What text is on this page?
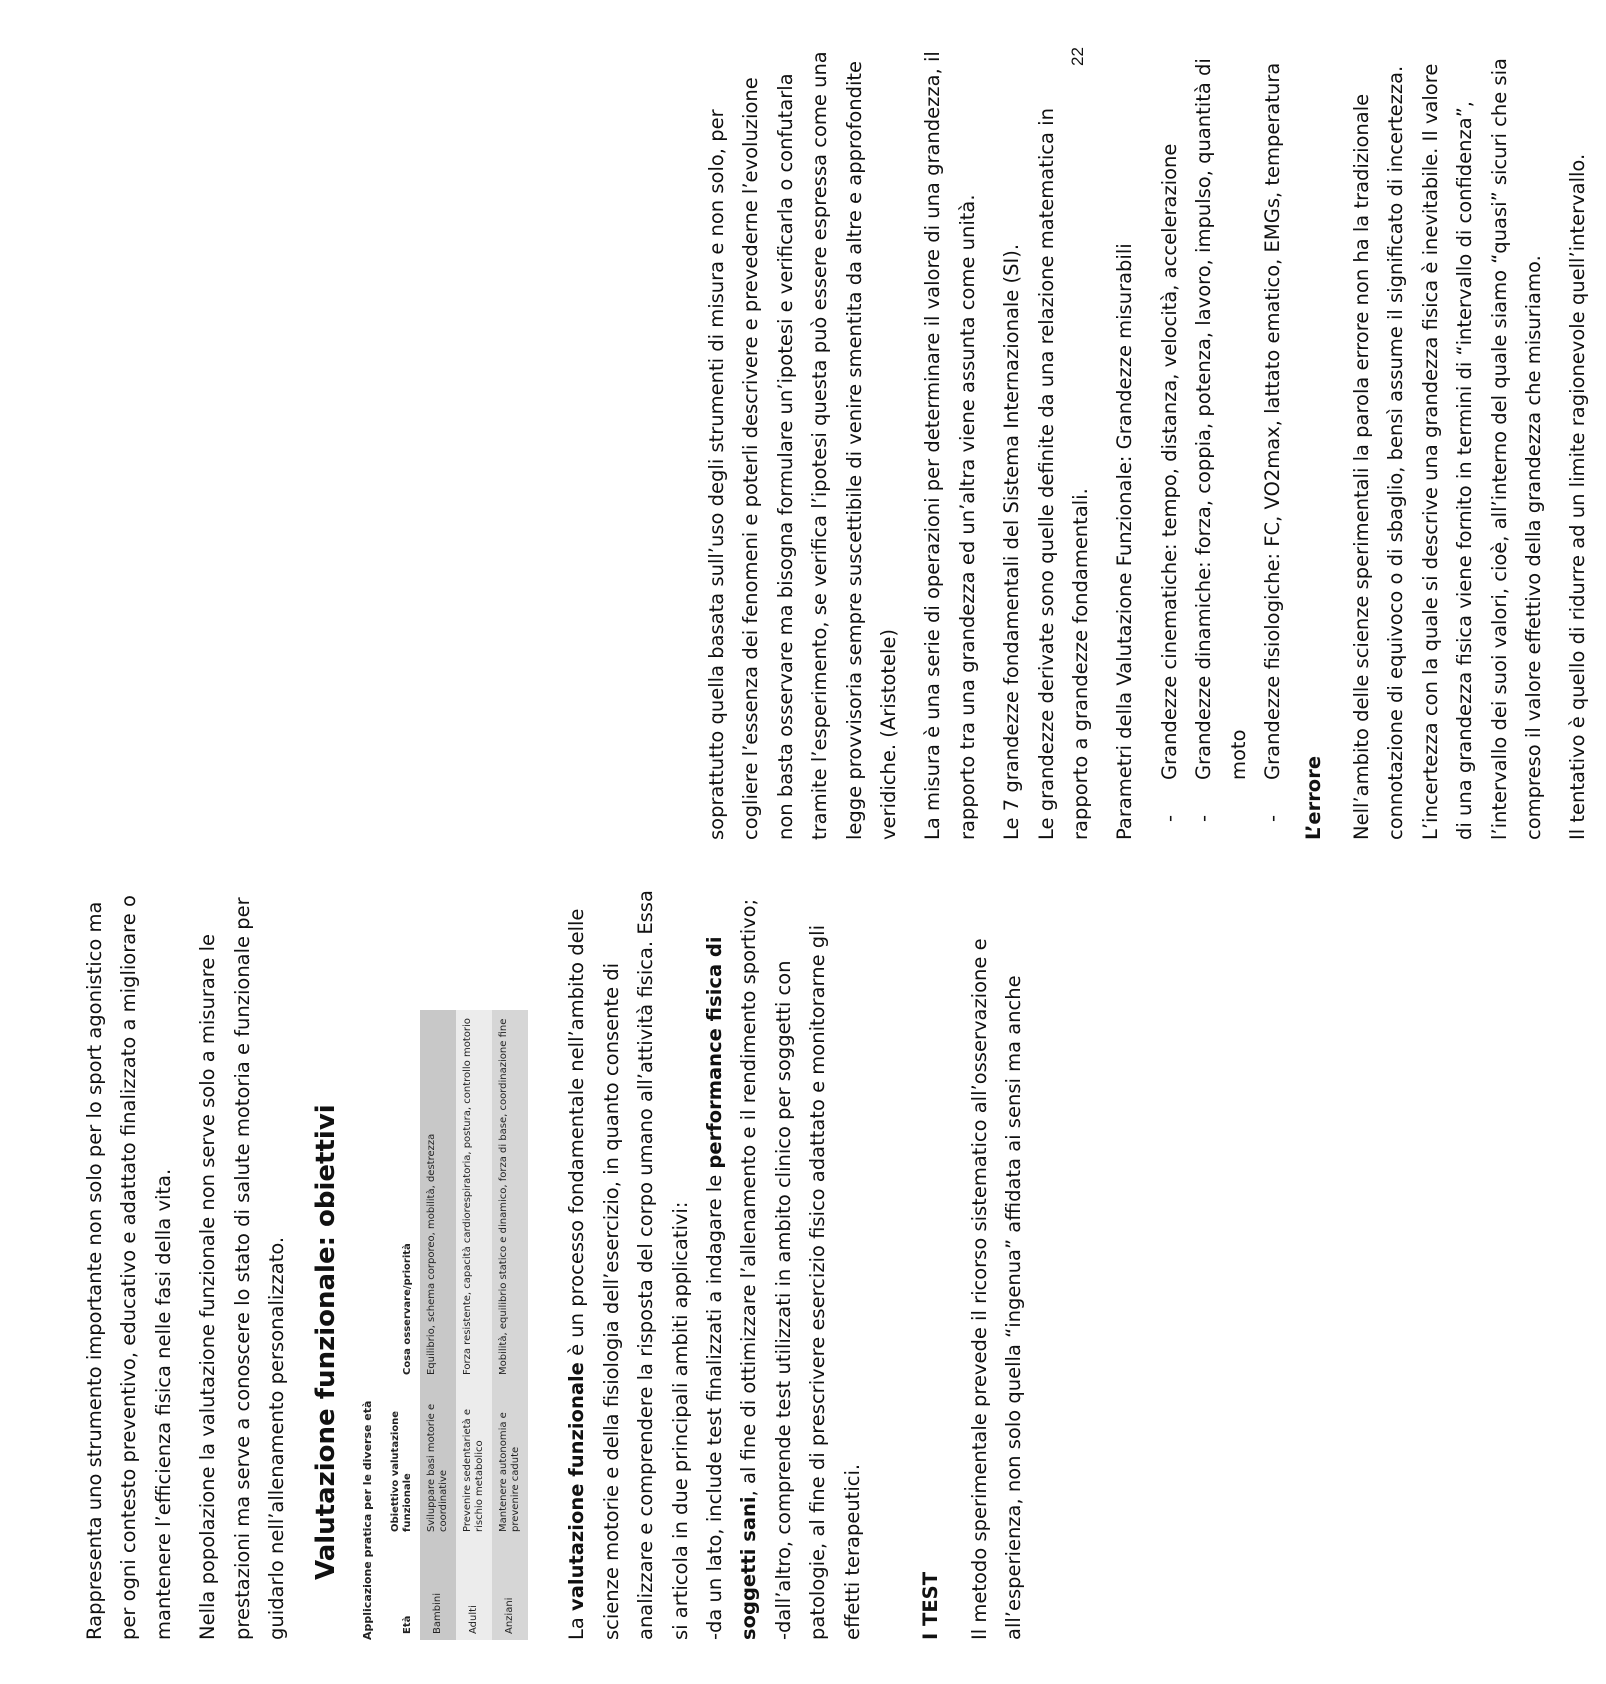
22

Rappresenta uno strumento importante non solo per lo sport agonistico ma per ogni contesto preventivo, educativo e adattato finalizzato a migliorare o mantenere l’efficienza fisica nelle fasi della vita.	Nella popolazione la valutazione funzionale non serve solo a misurare le prestazioni ma serve a conoscere lo stato di salute motoria e funzionale per guidarlo nell’allenamento personalizzato. Valutazione funzionale: obiettivi	Applicazione pratica per le diverse età	Età	Obiettivo valutazione funzionale	Cosa osservare/priorità
Bambini	Sviluppare basi motorie e coordinative	Equilibrio, schema corporeo, mobilità, destrezza
Adulti	Prevenire sedentarietà e rischio metabolico	Forza resistente, capacità cardiorespiratoria, postura, controllo motorio
Anziani	Mantenere autonomia e prevenire cadute	Mobilità, equilibrio statico e dinamico, forza di base, coordinazione fine

La valutazione funzionale è un processo fondamentale nell’ambito delle scienze motorie e della fisiologia dell’esercizio, in quanto consente di analizzare e comprendere la risposta del corpo umano all’attività fisica. Essa si articola in due principali ambiti applicativi: -da un lato, include test finalizzati a indagare le performance fisica di soggetti sani, al fine di ottimizzare l’allenamento e il rendimento sportivo; -dall’altro, comprende test utilizzati in ambito clinico per soggetti con patologie, al fine di prescrivere esercizio fisico adattato e monitorarne gli effetti terapeutici.	I TEST	Il metodo sperimentale prevede il ricorso sistematico all’osservazione e all’esperienza, non solo quella “ingenua” affidata ai sensi ma anche

soprattutto quella basata sull’uso degli strumenti di misura e non solo, per cogliere l’essenza dei fenomeni e poterli descrivere e prevederne l’evoluzione non basta osservare ma bisogna formulare un’ipotesi e verificarla o confutarla tramite l’esperimento, se verifica l’ipotesi questa può essere espressa come una legge provvisoria sempre suscettibile di venire smentita da altre e approfondite veridiche. (Aristotele)	La misura è una serie di operazioni per determinare il valore di una grandezza, il rapporto tra una grandezza ed un’altra viene assunta come unità.	Le 7 grandezze fondamentali del Sistema Internazionale (SI). Le grandezze derivate sono quelle definite da una relazione matematica in rapporto a grandezze fondamentali.	Parametri della Valutazione Funzionale: Grandezze misurabili	- Grandezze cinematiche: tempo, distanza, velocità, accelerazione - Grandezze dinamiche: forza, coppia, potenza, lavoro, impulso, quantità di moto - Grandezze fisiologiche: FC, VO2max, lattato ematico, EMGs, temperatura
L’errore	Nell’ambito delle scienze sperimentali la parola errore non ha la tradizionale connotazione di equivoco o di sbaglio, bensì assume il significato di incertezza. L’incertezza con la quale si descrive una grandezza fisica è inevitabile. Il valore di una grandezza fisica viene fornito in termini di “intervallo di confidenza”, l’intervallo dei suoi valori, cioè, all’interno del quale siamo “quasi” sicuri che sia compreso il valore effettivo della grandezza che misuriamo.	Il tentativo è quello di ridurre ad un limite ragionevole quell’intervallo.
